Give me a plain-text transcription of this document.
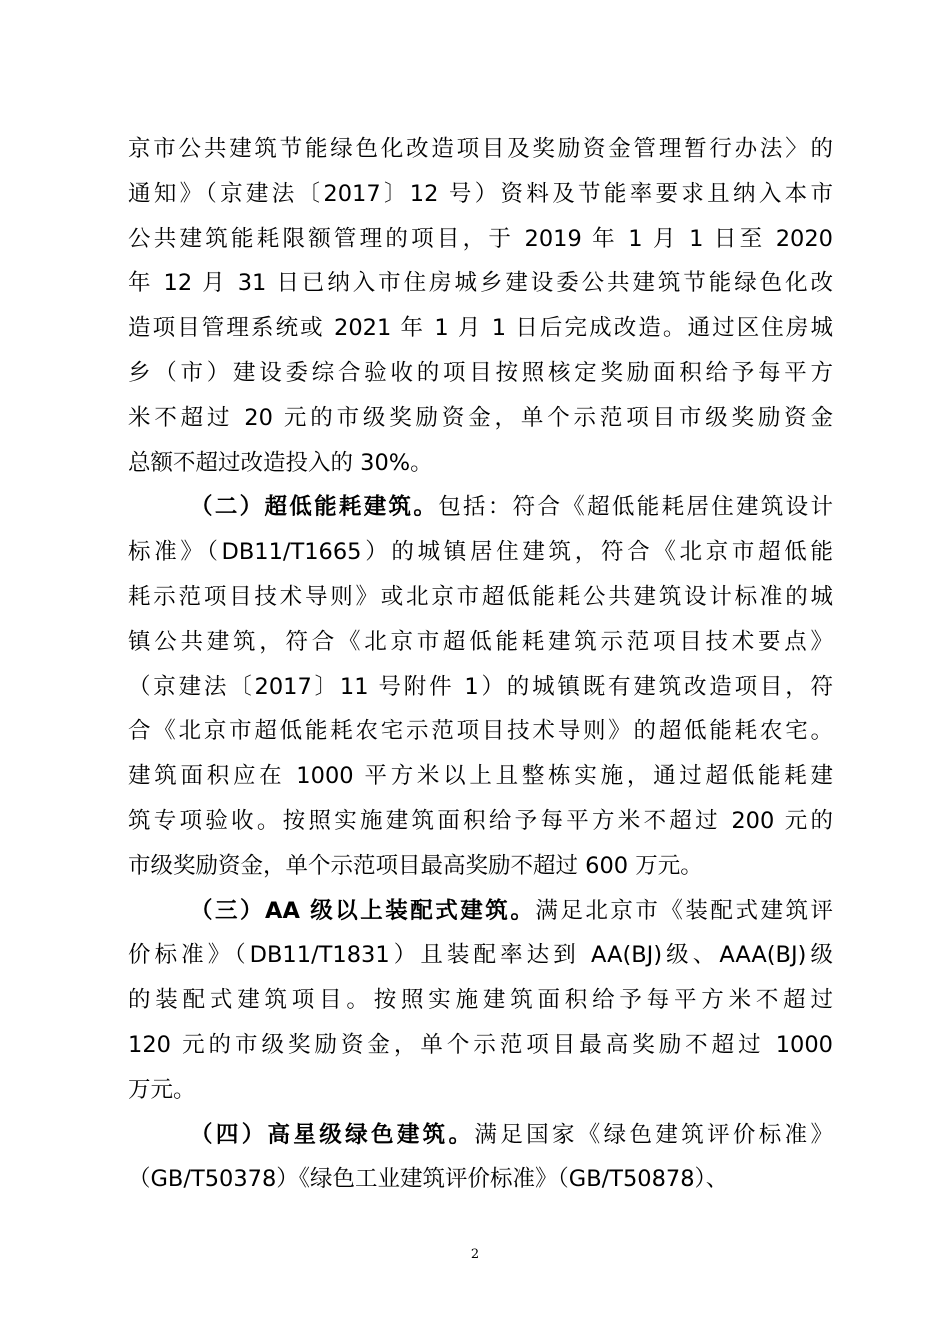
京市公共建筑节能绿色化改造项目及奖励资金管理暂行办法〉的
通知》（京建法〔2017〕12 号）资料及节能率要求且纳入本市
公共建筑能耗限额管理的项目，于 2019 年 1 月 1 日至 2020
年 12 月 31 日已纳入市住房城乡建设委公共建筑节能绿色化改
造项目管理系统或 2021 年 1 月 1 日后完成改造。通过区住房城
乡（市）建设委综合验收的项目按照核定奖励面积给予每平方
米不超过 20 元的市级奖励资金，单个示范项目市级奖励资金
总额不超过改造投入的 30%。
（二）超低能耗建筑。包括：符合《超低能耗居住建筑设计
标准》（DB11/T1665）的城镇居住建筑，符合《北京市超低能
耗示范项目技术导则》或北京市超低能耗公共建筑设计标准的城
镇公共建筑，符合《北京市超低能耗建筑示范项目技术要点》
（京建法〔2017〕11 号附件 1）的城镇既有建筑改造项目，符
合《北京市超低能耗农宅示范项目技术导则》的超低能耗农宅。
建筑面积应在 1000 平方米以上且整栋实施，通过超低能耗建
筑专项验收。按照实施建筑面积给予每平方米不超过 200 元的
市级奖励资金，单个示范项目最高奖励不超过 600 万元。
（三）AA 级以上装配式建筑。满足北京市《装配式建筑评
价标准》（DB11/T1831）且装配率达到 AA(BJ)级、AAA(BJ)级
的装配式建筑项目。按照实施建筑面积给予每平方米不超过
120 元的市级奖励资金，单个示范项目最高奖励不超过 1000
万元。
（四）高星级绿色建筑。满足国家《绿色建筑评价标准》
（GB/T50378）《绿色工业建筑评价标准》（GB/T50878）、
2
